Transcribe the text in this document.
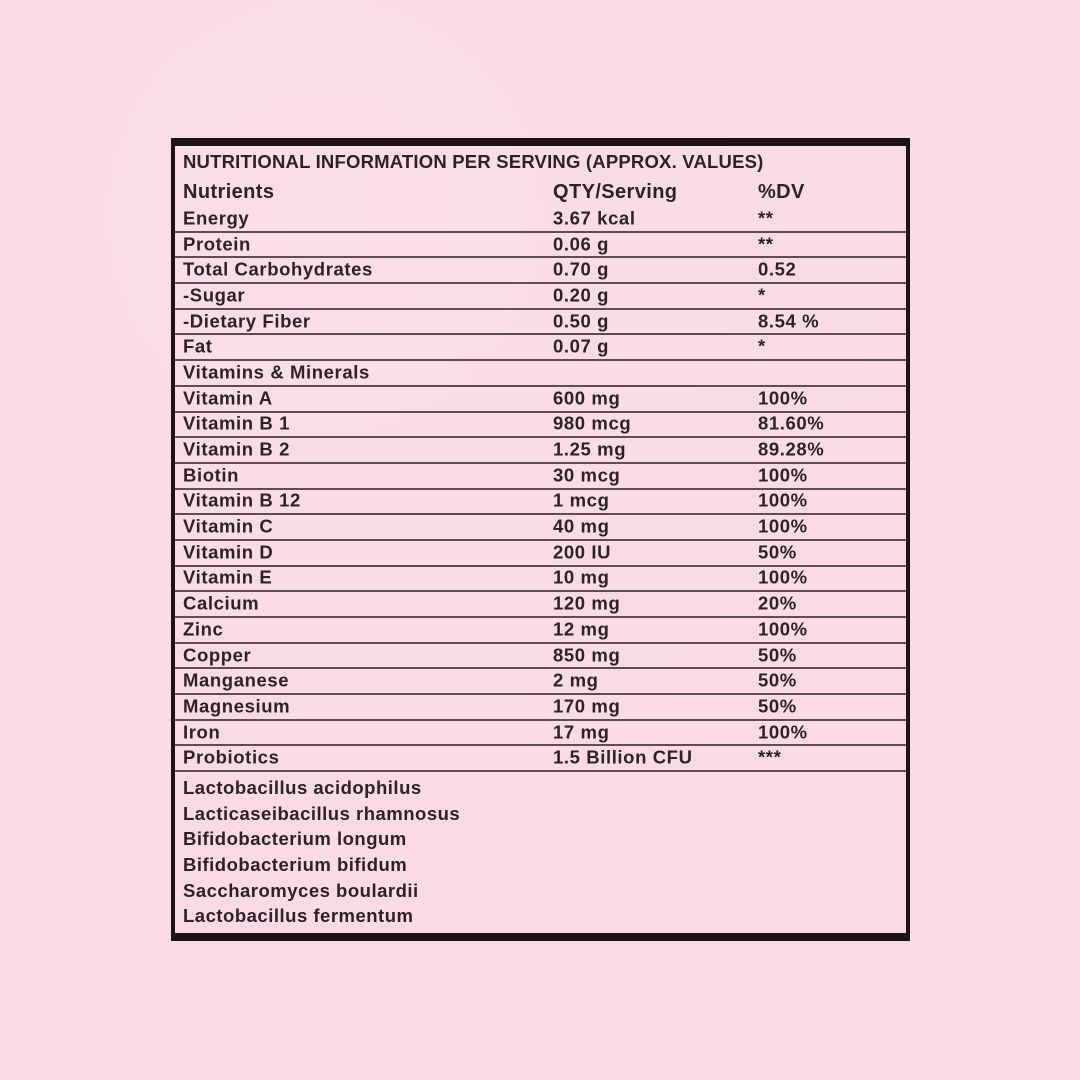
NUTRITIONAL INFORMATION PER SERVING (APPROX. VALUES)
Nutrients	QTY/Serving	%DV
Energy	3.67 kcal	**
Protein	0.06 g	**
Total Carbohydrates	0.70 g	0.52
-Sugar	0.20 g	*
-Dietary Fiber	0.50 g	8.54 %
Fat	0.07 g	*
Vitamins & Minerals
Vitamin A	600 mg	100%
Vitamin B 1	980 mcg	81.60%
Vitamin B 2	1.25 mg	89.28%
Biotin	30 mcg	100%
Vitamin B 12	1 mcg	100%
Vitamin C	40 mg	100%
Vitamin D	200 IU	50%
Vitamin E	10 mg	100%
Calcium	120 mg	20%
Zinc	12 mg	100%
Copper	850 mg	50%
Manganese	2 mg	50%
Magnesium	170 mg	50%
Iron	17 mg	100%
Probiotics	1.5 Billion CFU	***
Lactobacillus acidophilus
Lacticaseibacillus rhamnosus
Bifidobacterium longum
Bifidobacterium bifidum
Saccharomyces boulardii
Lactobacillus fermentum
